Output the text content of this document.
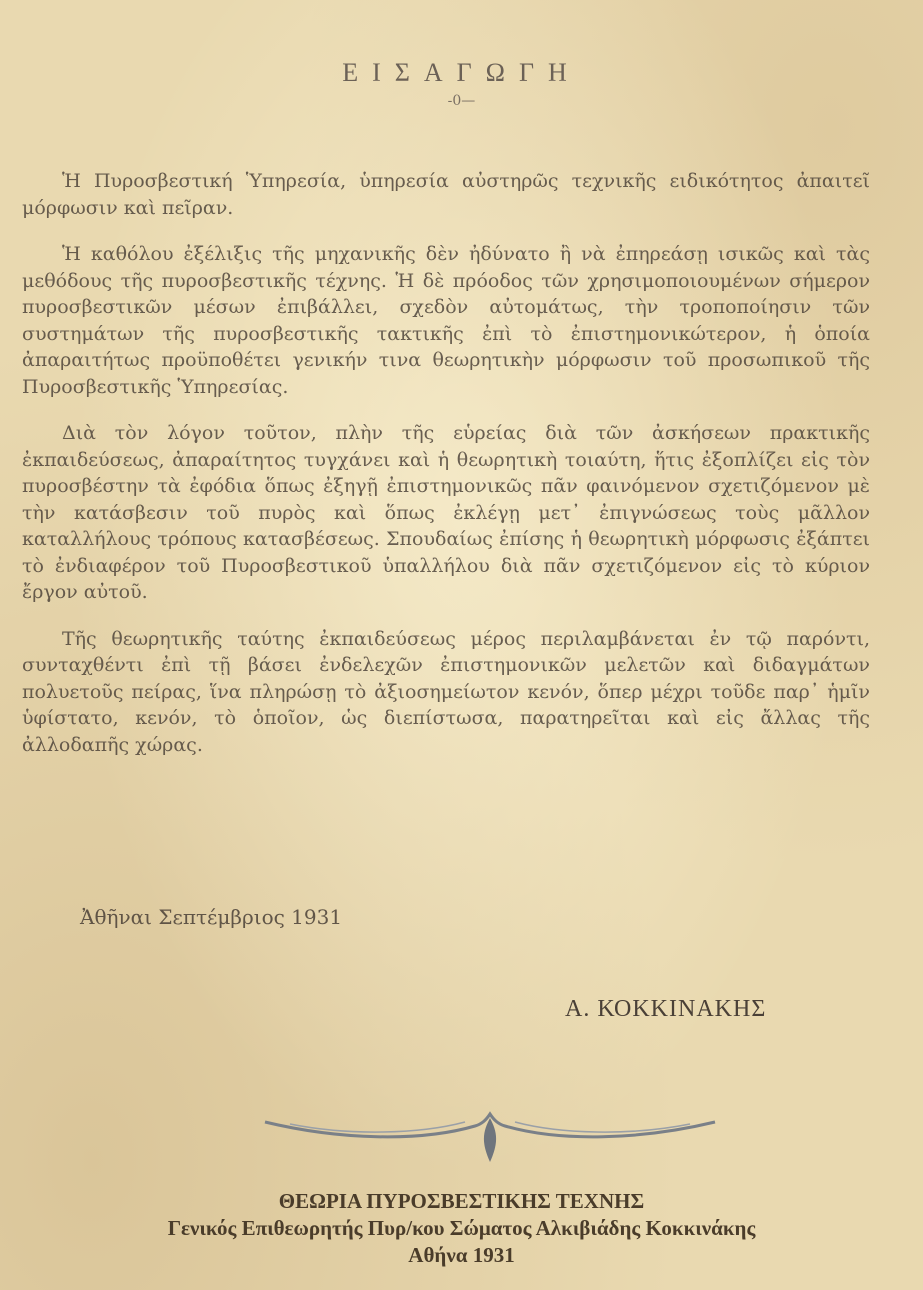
ΕΙΣΑΓΩΓΗ
-0—

Ἡ Πυροσβεστική Ὑπηρεσία, ὑπηρεσία αὐστηρῶς τεχνικῆς ειδικότητος ἀπαιτεῖ μόρφωσιν καὶ πεῖραν.

Ἡ καθόλου ἐξέλιξις τῆς μηχανικῆς δὲν ἠδύνατο ἢ νὰ ἐπηρεάσῃ ισικῶς καὶ τὰς μεθόδους τῆς πυροσβεστικῆς τέχνης. Ἡ δὲ πρόοδος τῶν χρησιμοποιουμένων σήμερον πυροσβεστικῶν μέσων ἐπιβάλλει, σχεδὸν αὐτομάτως, τὴν τροποποίησιν τῶν συστημάτων τῆς πυροσβεστικῆς τακτικῆς ἐπὶ τὸ ἐπιστημονικώτερον, ἡ ὁποία ἀπαραιτήτως προϋποθέτει γενικήν τινα θεωρητικὴν μόρφωσιν τοῦ προσωπικοῦ τῆς Πυροσβεστικῆς Ὑπηρεσίας.

Διὰ τὸν λόγον τοῦτον, πλὴν τῆς εὑρείας διὰ τῶν ἀσκήσεων πρακτικῆς ἐκπαιδεύσεως, ἀπαραίτητος τυγχάνει καὶ ἡ θεωρητικὴ τοιαύτη, ἥτις ἐξοπλίζει εἰς τὸν πυροσβέστην τὰ ἐφόδια ὅπως ἐξηγῇ ἐπιστημονικῶς πᾶν φαινόμενον σχετιζόμενον μὲ τὴν κατάσβεσιν τοῦ πυρὸς καὶ ὅπως ἐκλέγῃ μετ᾽ ἐπιγνώσεως τοὺς μᾶλλον καταλλήλους τρόπους κατασβέσεως. Σπουδαίως ἐπίσης ἡ θεωρητικὴ μόρφωσις ἐξάπτει τὸ ἐνδιαφέρον τοῦ Πυροσβεστικοῦ ὑπαλλήλου διὰ πᾶν σχετιζόμενον εἰς τὸ κύριον ἔργον αὐτοῦ.

Τῆς θεωρητικῆς ταύτης ἐκπαιδεύσεως μέρος περιλαμβάνεται ἐν τῷ παρόντι, συνταχθέντι ἐπὶ τῇ βάσει ἐνδελεχῶν ἐπιστημονικῶν μελετῶν καὶ διδαγμάτων πολυετοῦς πείρας, ἵνα πληρώσῃ τὸ ἀξιοσημείωτον κενόν, ὅπερ μέχρι τοῦδε παρ᾽ ἡμῖν ὑφίστατο, κενόν, τὸ ὁποῖον, ὡς διεπίστωσα, παρατηρεῖται καὶ εἰς ἄλλας τῆς ἀλλοδαπῆς χώρας.

Ἀθῆναι Σεπτέμβριος 1931
Α. ΚΟΚΚΙΝΑΚΗΣ
ΘΕΩΡΙΑ ΠΥΡΟΣΒΕΣΤΙΚΗΣ ΤΕΧΝΗΣ
Γενικός Επιθεωρητής Πυρ/κου Σώματος Αλκιβιάδης Κοκκινάκης
Αθήνα 1931
